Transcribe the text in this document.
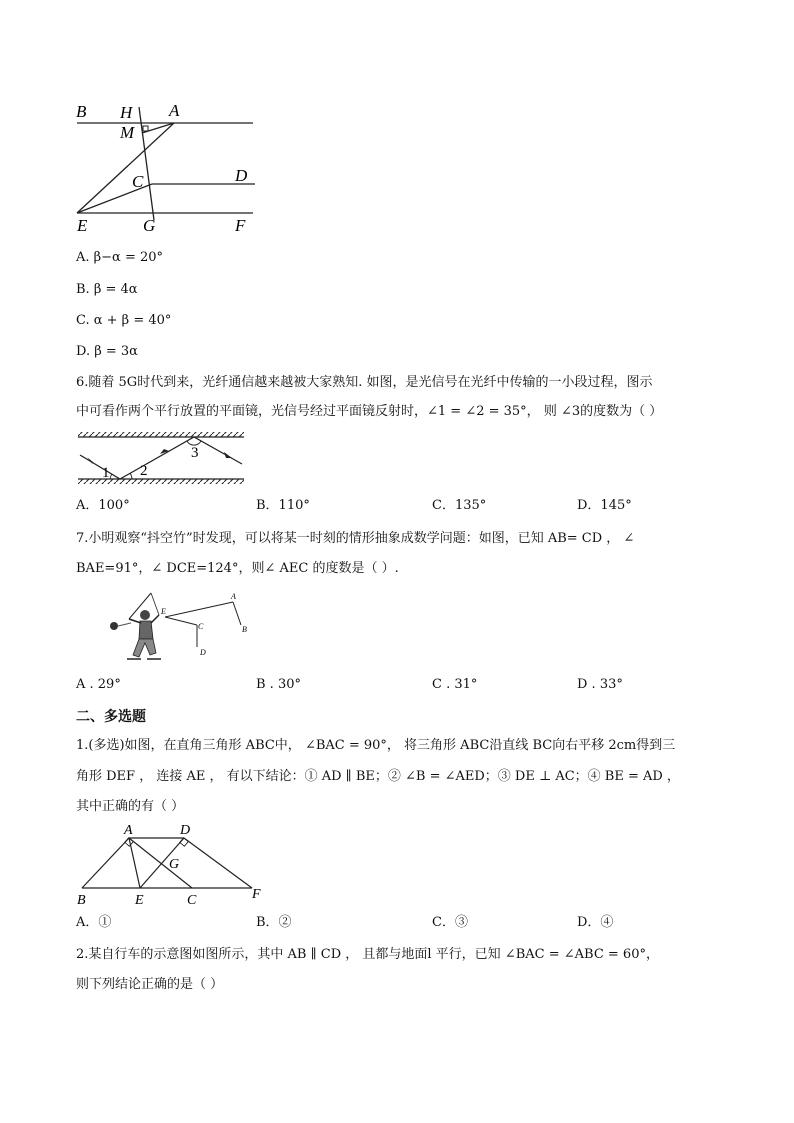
B H A
M
C	D
E	G	F
A. β−α = 20°
B. β = 4α
C. α + β = 40°
D. β = 3α
6.随着 5G时代到来，光纤通信越来越被大家熟知. 如图，是光信号在光纤中传输的一小段过程，图示
中可看作两个平行放置的平面镜，光信号经过平面镜反射时，∠1 = ∠2 = 35°， 则 ∠3的度数为（ ）
1 2
3
A．100°	B．110°	C．135°	D．145°
7.小明观察“抖空竹”时发现，可以将某一时刻的情形抽象成数学问题：如图，已知 AB= CD ， ∠
BAE=91°，∠ DCE=124°，则∠ AEC 的度数是（ ）.
A
B
C
D
E
A . 29°	B . 30°	C . 31°	D . 33°
二、多选题
1.(多选)如图，在直角三角形 ABC中， ∠BAC = 90°， 将三角形 ABC沿直线 BC向右平移 2cm得到三
角形 DEF ， 连接 AE ， 有以下结论：① AD ∥ BE；② ∠B = ∠AED；③ DE ⊥ AC；④ BE = AD ，
其中正确的有（ ）
A	D
G
B	E	C	F
A．①	B．②	C．③	D．④
2.某自行车的示意图如图所示，其中 AB ∥ CD ， 且都与地面l 平行，已知 ∠BAC = ∠ABC = 60°，
则下列结论正确的是（ ）
